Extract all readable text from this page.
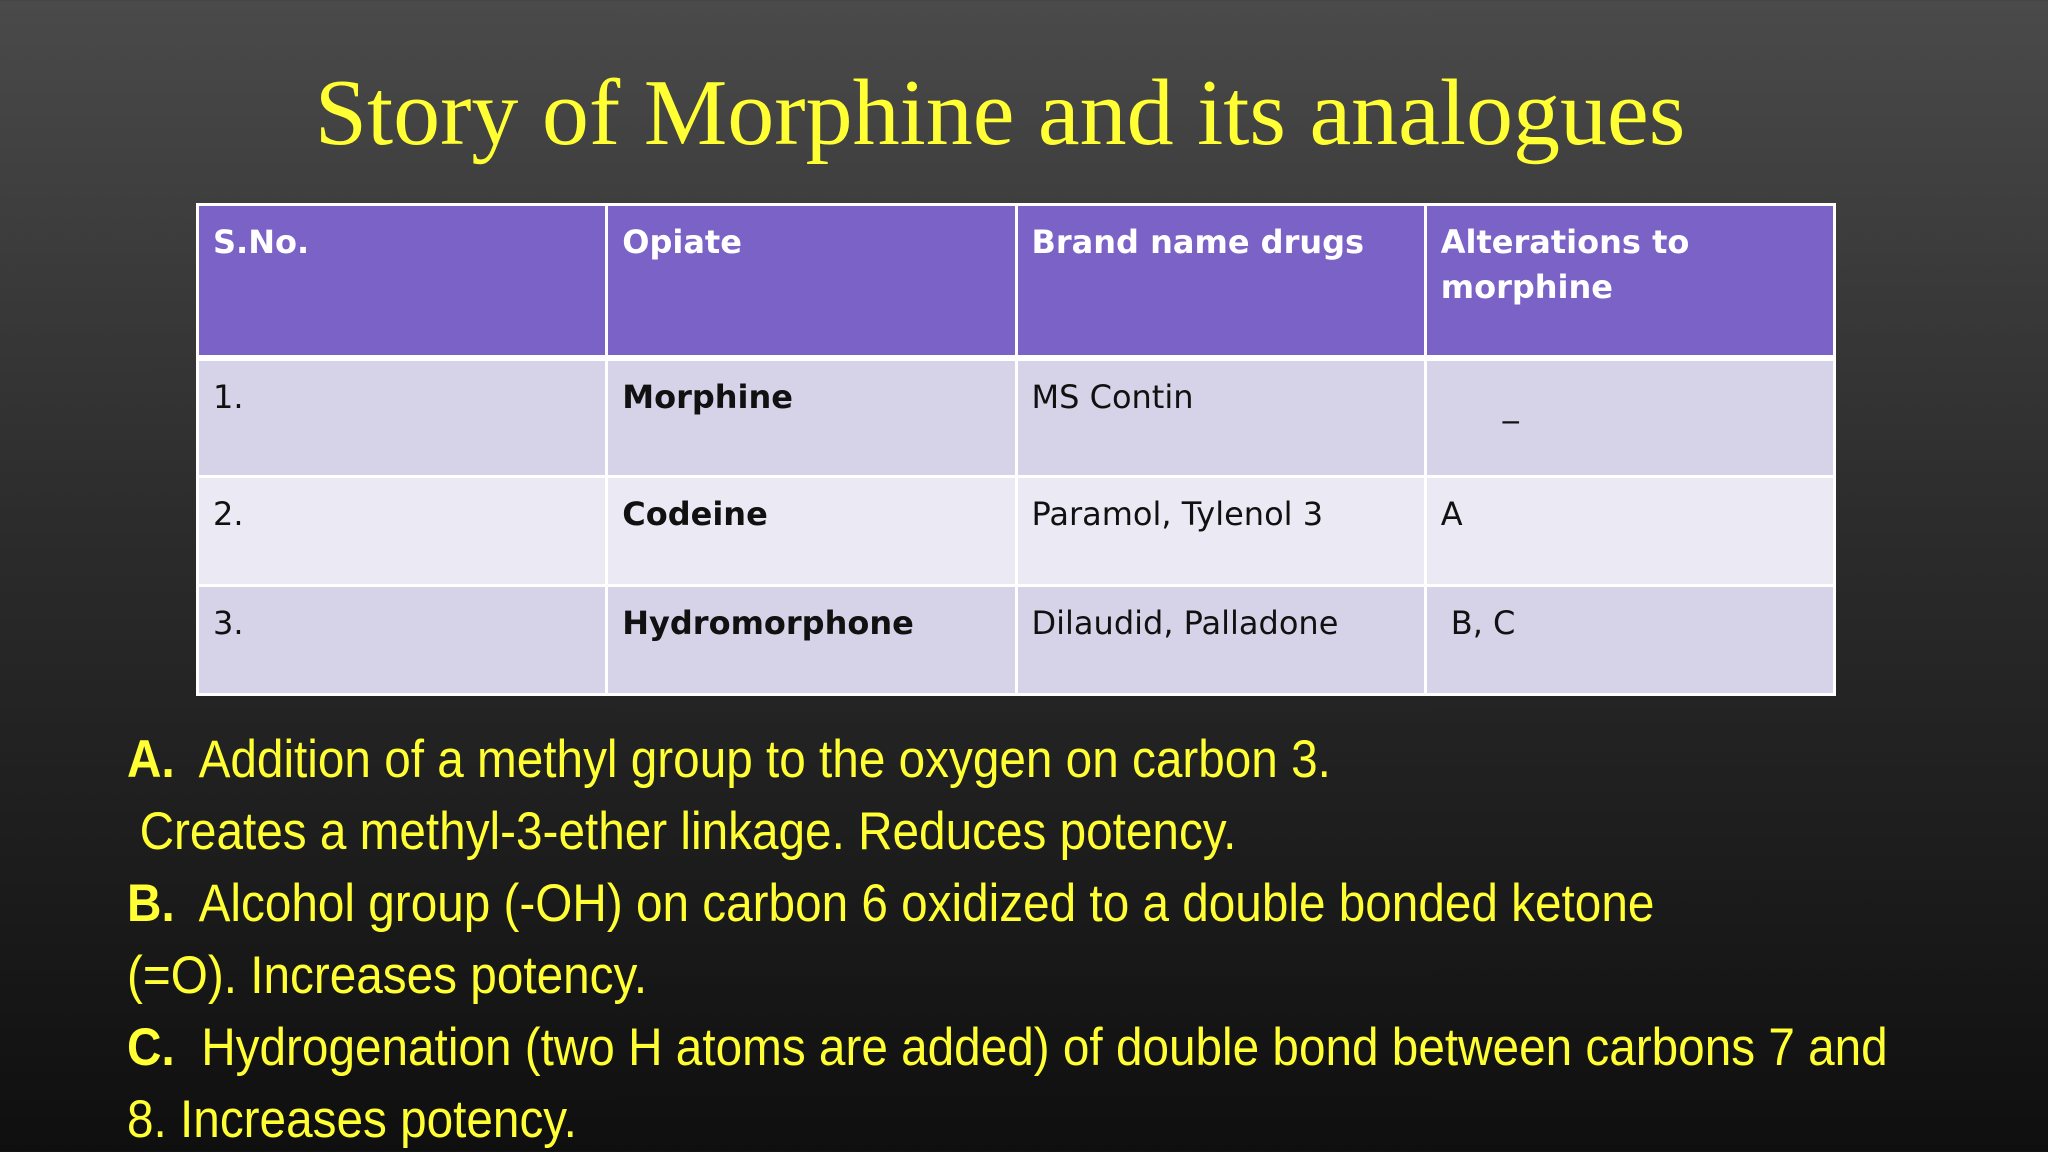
Story of Morphine and its analogues
S.No.	Opiate	Brand name drugs	Alterations to morphine
1.	Morphine	MS Contin	_
2.	Codeine	Paramol, Tylenol 3	A
3.	Hydromorphone	Dilaudid, Palladone	B, C
A. Addition of a methyl group to the oxygen on carbon 3.
Creates a methyl-3-ether linkage. Reduces potency.
B. Alcohol group (-OH) on carbon 6 oxidized to a double bonded ketone
(=O). Increases potency.
C. Hydrogenation (two H atoms are added) of double bond between carbons 7 and
8. Increases potency.
